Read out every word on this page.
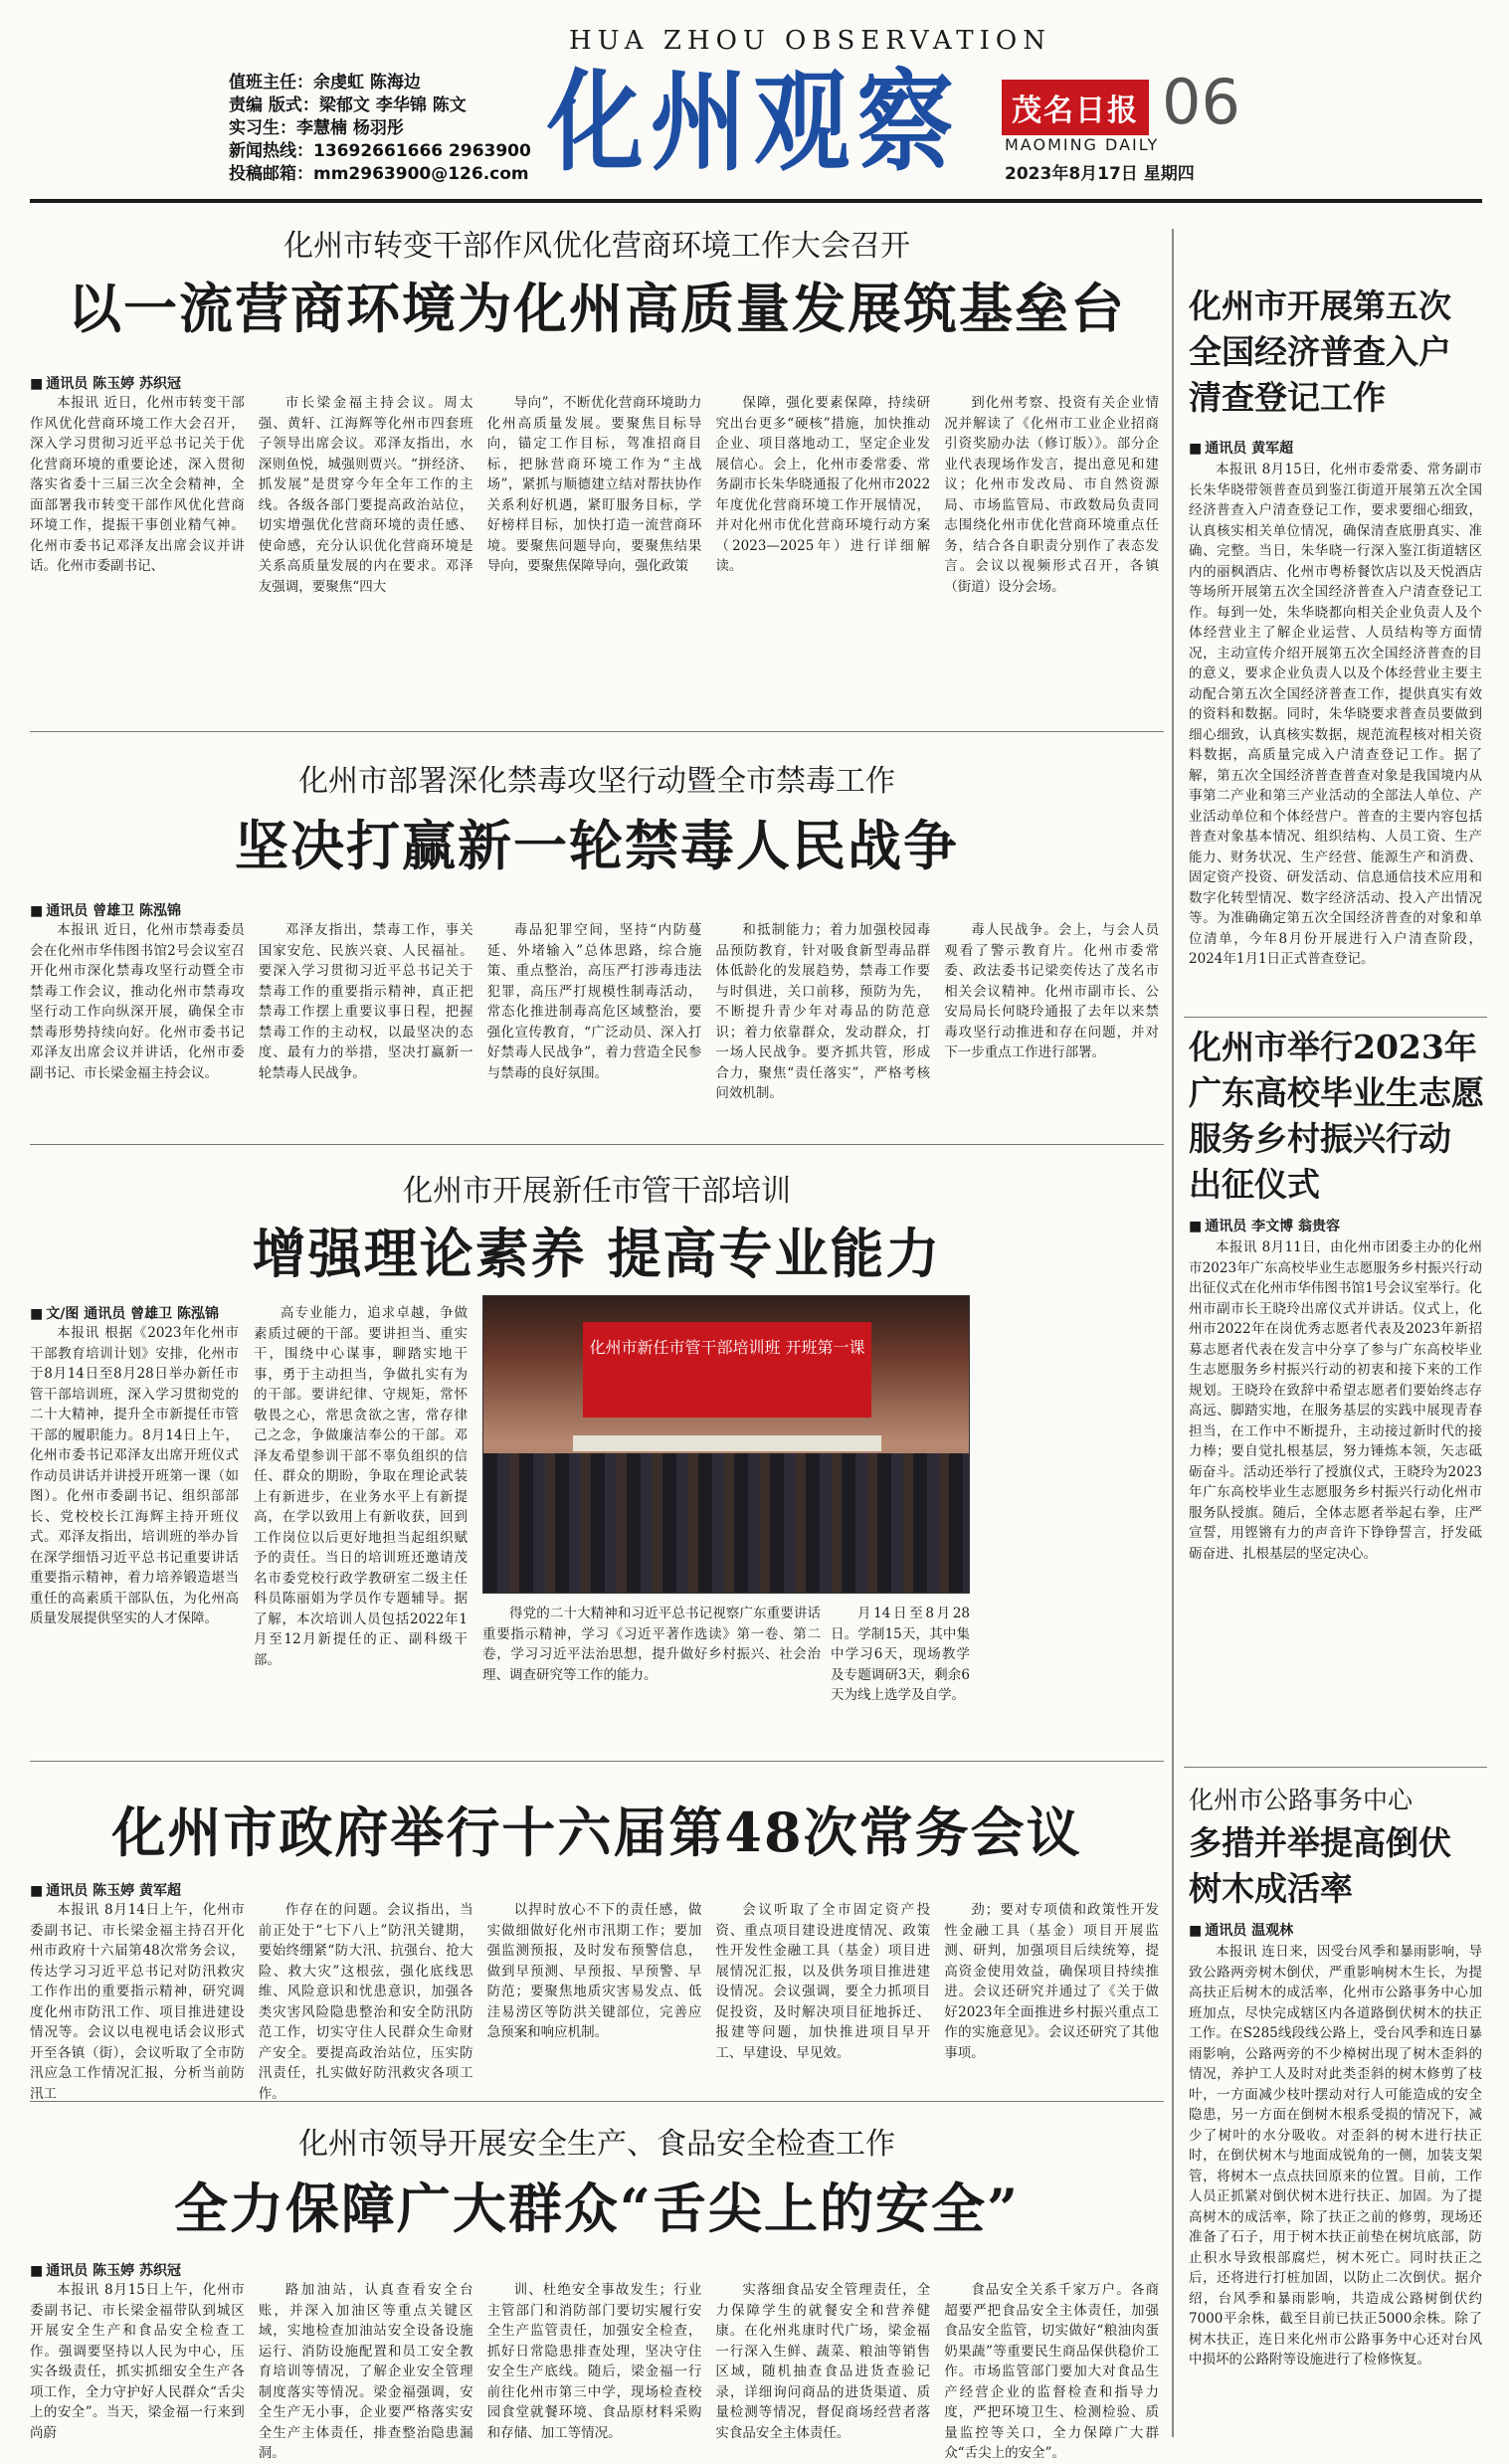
值班主任：余虔虹 陈海边
责编 版式：梁郁文 李华锦 陈文
实习生：李慧楠 杨羽彤
新闻热线：13692661666 2963900
投稿邮箱：mm2963900@126.com
HUA ZHOU OBSERVATION
化州观察	茂名日报 06
MAOMING DAILY
2023年8月17日 星期四
化州市转变干部作风优化营商环境工作大会召开
以一流营商环境为化州高质量发展筑基垒台
■ 通讯员 陈玉婷 苏织冠

本报讯 近日，化州市转变干部作风优化营商环境工作大会召开，深入学习贯彻习近平总书记关于优化营商环境的重要论述，深入贯彻落实省委十三届三次全会精神，全面部署我市转变干部作风优化营商环境工作，提振干事创业精气神。化州市委书记邓泽友出席会议并讲话。化州市委副书记、

市长梁金福主持会议。周太强、黄轩、江海辉等化州市四套班子领导出席会议。邓泽友指出，水深则鱼悦，城强则贾兴。“拼经济、抓发展”是贯穿今年全年工作的主线。各级各部门要提高政治站位，切实增强优化营商环境的责任感、使命感，充分认识优化营商环境是关系高质量发展的内在要求。邓泽友强调，要聚焦“四大

导向”，不断优化营商环境助力化州高质量发展。要聚焦目标导向，锚定工作目标，驾准招商目标，把脉营商环境工作为“主战场”，紧抓与顺德建立结对帮扶协作关系利好机遇，紧盯服务目标，学好榜样目标，加快打造一流营商环境。要聚焦问题导向，要聚焦结果导向，要聚焦保障导向，强化政策

保障，强化要素保障，持续研究出台更多“硬核”措施，加快推动企业、项目落地动工，坚定企业发展信心。会上，化州市委常委、常务副市长朱华晓通报了化州市2022年度优化营商环境工作开展情况，并对化州市优化营商环境行动方案（2023—2025年）进行详细解读。

到化州考察、投资有关企业情况并解读了《化州市工业企业招商引资奖励办法（修订版）》。部分企业代表现场作发言，提出意见和建议；化州市发改局、市自然资源局、市场监管局、市政数局负责同志围绕化州市优化营商环境重点任务，结合各自职责分别作了表态发言。会议以视频形式召开，各镇（街道）设分会场。

化州市部署深化禁毒攻坚行动暨全市禁毒工作
坚决打赢新一轮禁毒人民战争
■ 通讯员 曾雄卫 陈泓锦

本报讯 近日，化州市禁毒委员会在化州市华伟图书馆2号会议室召开化州市深化禁毒攻坚行动暨全市禁毒工作会议，推动化州市禁毒攻坚行动工作向纵深开展，确保全市禁毒形势持续向好。化州市委书记邓泽友出席会议并讲话，化州市委副书记、市长梁金福主持会议。

邓泽友指出，禁毒工作，事关国家安危、民族兴衰、人民福祉。要深入学习贯彻习近平总书记关于禁毒工作的重要指示精神，真正把禁毒工作摆上重要议事日程，把握禁毒工作的主动权，以最坚决的态度、最有力的举措，坚决打赢新一轮禁毒人民战争。

毒品犯罪空间，坚持“内防蔓延、外堵输入”总体思路，综合施策、重点整治，高压严打涉毒违法犯罪，高压严打规模性制毒活动，常态化推进制毒高危区域整治，要强化宣传教育，“广泛动员、深入打好禁毒人民战争”，着力营造全民参与禁毒的良好氛围。

和抵制能力；着力加强校园毒品预防教育，针对吸食新型毒品群体低龄化的发展趋势，禁毒工作要与时俱进，关口前移，预防为先，不断提升青少年对毒品的防范意识；着力依靠群众，发动群众，打一场人民战争。要齐抓共管，形成合力，聚焦“责任落实”，严格考核问效机制。

毒人民战争。会上，与会人员观看了警示教育片。化州市委常委、政法委书记梁奕传达了茂名市相关会议精神。化州市副市长、公安局局长何晓玲通报了去年以来禁毒攻坚行动推进和存在问题，并对下一步重点工作进行部署。

化州市开展新任市管干部培训
增强理论素养 提高专业能力
■ 文/图 通讯员 曾雄卫 陈泓锦

本报讯 根据《2023年化州市干部教育培训计划》安排，化州市于8月14日至8月28日举办新任市管干部培训班，深入学习贯彻党的二十大精神，提升全市新提任市管干部的履职能力。8月14日上午，化州市委书记邓泽友出席开班仪式作动员讲话并讲授开班第一课（如图）。化州市委副书记、组织部部长、党校校长江海辉主持开班仪式。邓泽友指出，培训班的举办旨在深学细悟习近平总书记重要讲话重要指示精神，着力培养锻造堪当重任的高素质干部队伍，为化州高质量发展提供坚实的人才保障。

高专业能力，追求卓越，争做素质过硬的干部。要讲担当、重实干，围绕中心谋事，聊踏实地干事，勇于主动担当，争做扎实有为的干部。要讲纪律、守规矩，常怀敬畏之心，常思贪欲之害，常存律己之念，争做廉洁奉公的干部。邓泽友希望参训干部不辜负组织的信任、群众的期盼，争取在理论武装上有新进步，在业务水平上有新提高，在学以致用上有新收获，回到工作岗位以后更好地担当起组织赋予的责任。当日的培训班还邀请茂名市委党校行政学教研室二级主任科员陈丽娟为学员作专题辅导。据了解，本次培训人员包括2022年1月至12月新提任的正、副科级干部。

化州市新任市管干部培训班 开班第一课

得党的二十大精神和习近平总书记视察广东重要讲话重要指示精神，学习《习近平著作选读》第一卷、第二卷，学习习近平法治思想，提升做好乡村振兴、社会治理、调查研究等工作的能力。

月14日至8月28日。学制15天，其中集中学习6天，现场教学及专题调研3天，剩余6天为线上选学及自学。

化州市政府举行十六届第48次常务会议
■ 通讯员 陈玉婷 黄军超

本报讯 8月14日上午，化州市委副书记、市长梁金福主持召开化州市政府十六届第48次常务会议，传达学习习近平总书记对防汛救灾工作作出的重要指示精神，研究调度化州市防汛工作、项目推进建设情况等。会议以电视电话会议形式开至各镇（街），会议听取了全市防汛应急工作情况汇报，分析当前防汛工

作存在的问题。会议指出，当前正处于“七下八上”防汛关键期，要始终绷紧“防大汛、抗强台、抢大险、救大灾”这根弦，强化底线思维、风险意识和忧患意识，加强各类灾害风险隐患整治和安全防汛防范工作，切实守住人民群众生命财产安全。要提高政治站位，压实防汛责任，扎实做好防汛救灾各项工作。

以捍时放心不下的责任感，做实做细做好化州市汛期工作；要加强监测预报，及时发布预警信息，做到早预测、早预报、早预警、早防范；要聚焦地质灾害易发点、低洼易涝区等防洪关键部位，完善应急预案和响应机制。

会议听取了全市固定资产投资、重点项目建设进度情况、政策性开发性金融工具（基金）项目进展情况汇报，以及供务项目推进建设情况。会议强调，要全力抓项目促投资，及时解决项目征地拆迁、报建等问题，加快推进项目早开工、早建设、早见效。

劲；要对专项债和政策性开发性金融工具（基金）项目开展监测、研判，加强项目后续统筹，提高资金使用效益，确保项目持续推进。会议还研究并通过了《关于做好2023年全面推进乡村振兴重点工作的实施意见》。会议还研究了其他事项。

化州市领导开展安全生产、食品安全检查工作
全力保障广大群众“舌尖上的安全”
■ 通讯员 陈玉婷 苏织冠

本报讯 8月15日上午，化州市委副书记、市长梁金福带队到城区开展安全生产和食品安全检查工作。强调要坚持以人民为中心，压实各级责任，抓实抓细安全生产各项工作，全力守护好人民群众“舌尖上的安全”。当天，梁金福一行来到尚蔚

路加油站，认真查看安全台账，并深入加油区等重点关键区域，实地检查加油站安全设备设施运行、消防设施配置和员工安全教育培训等情况，了解企业安全管理制度落实等情况。梁金福强调，安全生产无小事，企业要严格落实安全生产主体责任，排查整治隐患漏洞。

训、杜绝安全事故发生；行业主管部门和消防部门要切实履行安全生产监管责任，加强安全检查，抓好日常隐患排查处理，坚决守住安全生产底线。随后，梁金福一行前往化州市第三中学，现场检查校园食堂就餐环境、食品原材料采购和存储、加工等情况。

实落细食品安全管理责任，全力保障学生的就餐安全和营养健康。在化州兆康时代广场，梁金福一行深入生鲜、蔬菜、粮油等销售区域，随机抽查食品进货查验记录，详细询问商品的进货渠道、质量检测等情况，督促商场经营者落实食品安全主体责任。

食品安全关系千家万户。各商超要严把食品安全主体责任，加强食品安全监管，切实做好“粮油肉蛋奶果蔬”等重要民生商品保供稳价工作。市场监管部门要加大对食品生产经营企业的监督检查和指导力度，严把环境卫生、检测检验、质量监控等关口，全力保障广大群众“舌尖上的安全”。

化州市开展第五次
全国经济普查入户
清查登记工作
■ 通讯员 黄军超

本报讯 8月15日，化州市委常委、常务副市长朱华晓带领普查员到鉴江街道开展第五次全国经济普查入户清查登记工作，要求要细心细致，认真核实相关单位情况，确保清查底册真实、准确、完整。当日，朱华晓一行深入鉴江街道辖区内的丽枫酒店、化州市粤桥餐饮店以及天悦酒店等场所开展第五次全国经济普查入户清查登记工作。每到一处，朱华晓都向相关企业负责人及个体经营业主了解企业运营、人员结构等方面情况，主动宣传介绍开展第五次全国经济普查的目的意义，要求企业负责人以及个体经营业主要主动配合第五次全国经济普查工作，提供真实有效的资料和数据。同时，朱华晓要求普查员要做到细心细致，认真核实数据，规范流程核对相关资料数据，高质量完成入户清查登记工作。据了解，第五次全国经济普查普查对象是我国境内从事第二产业和第三产业活动的全部法人单位、产业活动单位和个体经营户。普查的主要内容包括普查对象基本情况、组织结构、人员工资、生产能力、财务状况、生产经营、能源生产和消费、固定资产投资、研发活动、信息通信技术应用和数字化转型情况、数字经济活动、投入产出情况等。为准确确定第五次全国经济普查的对象和单位清单，今年8月份开展进行入户清查阶段，2024年1月1日正式普查登记。

化州市举行2023年
广东高校毕业生志愿
服务乡村振兴行动
出征仪式
■ 通讯员 李文博 翁贵容

本报讯 8月11日，由化州市团委主办的化州市2023年广东高校毕业生志愿服务乡村振兴行动出征仪式在化州市华伟图书馆1号会议室举行。化州市副市长王晓玲出席仪式并讲话。仪式上，化州市2022年在岗优秀志愿者代表及2023年新招募志愿者代表在发言中分享了参与广东高校毕业生志愿服务乡村振兴行动的初衷和接下来的工作规划。王晓玲在致辞中希望志愿者们要始终志存高远、脚踏实地，在服务基层的实践中展现青春担当，在工作中不断提升，主动接过新时代的接力棒；要自觉扎根基层，努力锤炼本领，矢志砥砺奋斗。活动还举行了授旗仪式，王晓玲为2023年广东高校毕业生志愿服务乡村振兴行动化州市服务队授旗。随后，全体志愿者举起右拳，庄严宣誓，用铿锵有力的声音许下铮铮誓言，抒发砥砺奋进、扎根基层的坚定决心。

化州市公路事务中心
多措并举提高倒伏
树木成活率
■ 通讯员 温观林

本报讯 连日来，因受台风季和暴雨影响，导致公路两旁树木倒伏，严重影响树木生长，为提高扶正后树木的成活率，化州市公路事务中心加班加点，尽快完成辖区内各道路倒伏树木的扶正工作。在S285线段线公路上，受台风季和连日暴雨影响，公路两旁的不少樟树出现了树木歪斜的情况，养护工人及时对此类歪斜的树木修剪了枝叶，一方面减少枝叶摆动对行人可能造成的安全隐患，另一方面在倒树木根系受损的情况下，减少了树叶的水分吸收。对歪斜的树木进行扶正时，在倒伏树木与地面成锐角的一侧，加装支架管，将树木一点点扶回原来的位置。目前，工作人员正抓紧对倒伏树木进行扶正、加固。为了提高树木的成活率，除了扶正之前的修剪，现场还准备了石子，用于树木扶正前垫在树坑底部，防止积水导致根部腐烂，树木死亡。同时扶正之后，还将进行打桩加固，以防止二次倒伏。据介绍，台风季和暴雨影响，共造成公路树倒伏约7000平余株，截至目前已扶正5000余株。除了树木扶正，连日来化州市公路事务中心还对台风中损坏的公路附等设施进行了检修恢复。
